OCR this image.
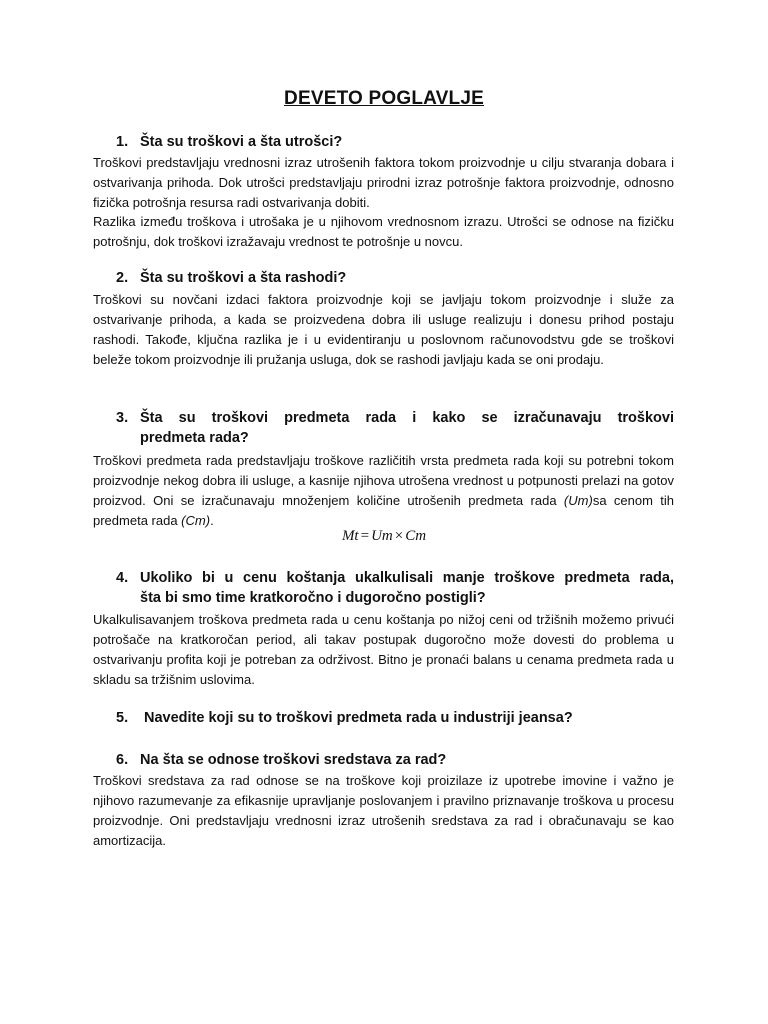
DEVETO POGLAVLJE
1. Šta su troškovi a šta utrošci?
Troškovi predstavljaju vrednosni izraz utrošenih faktora tokom proizvodnje u cilju stvaranja dobara i ostvarivanja prihoda. Dok utrošci predstavljaju prirodni izraz potrošnje faktora proizvodnje, odnosno fizička potrošnja resursa radi ostvarivanja dobiti.
Razlika između troškova i utrošaka je u njihovom vrednosnom izrazu. Utrošci se odnose na fizičku potrošnju, dok troškovi izražavaju vrednost te potrošnje u novcu.
2. Šta su troškovi a šta rashodi?
Troškovi su novčani izdaci faktora proizvodnje koji se javljaju tokom proizvodnje i služe za ostvarivanje prihoda, a kada se proizvedena dobra ili usluge realizuju i donesu prihod postaju rashodi. Takođe, ključna razlika je i u evidentiranju u poslovnom računovodstvu gde se troškovi beleže tokom proizvodnje ili pružanja usluga, dok se rashodi javljaju kada se oni prodaju.
3. Šta su troškovi predmeta rada i kako se izračunavaju troškovi
predmeta rada?
Troškovi predmeta rada predstavljaju troškove različitih vrsta predmeta rada koji su potrebni tokom proizvodnje nekog dobra ili usluge, a kasnije njihova utrošena vrednost u potpunosti prelazi na gotov proizvod. Oni se izračunavaju množenjem količine utrošenih predmeta rada (Um)sa cenom tih predmeta rada (Cm).
Mt = Um × Cm
4. Ukoliko bi u cenu koštanja ukalkulisali manje troškove predmeta rada,
šta bi smo time kratkoročno i dugoročno postigli?
Ukalkulisavanjem troškova predmeta rada u cenu koštanja po nižoj ceni od tržišnih možemo privući potrošače na kratkoročan period, ali takav postupak dugoročno može dovesti do problema u ostvarivanju profita koji je potreban za održivost. Bitno je pronaći balans u cenama predmeta rada u skladu sa tržišnim uslovima.
5. Navedite koji su to troškovi predmeta rada u industriji jeansa?
6. Na šta se odnose troškovi sredstava za rad?
Troškovi sredstava za rad odnose se na troškove koji proizilaze iz upotrebe imovine i važno je njihovo razumevanje za efikasnije upravljanje poslovanjem i pravilno priznavanje troškova u procesu proizvodnje. Oni predstavljaju vrednosni izraz utrošenih sredstava za rad i obračunavaju se kao amortizacija.
